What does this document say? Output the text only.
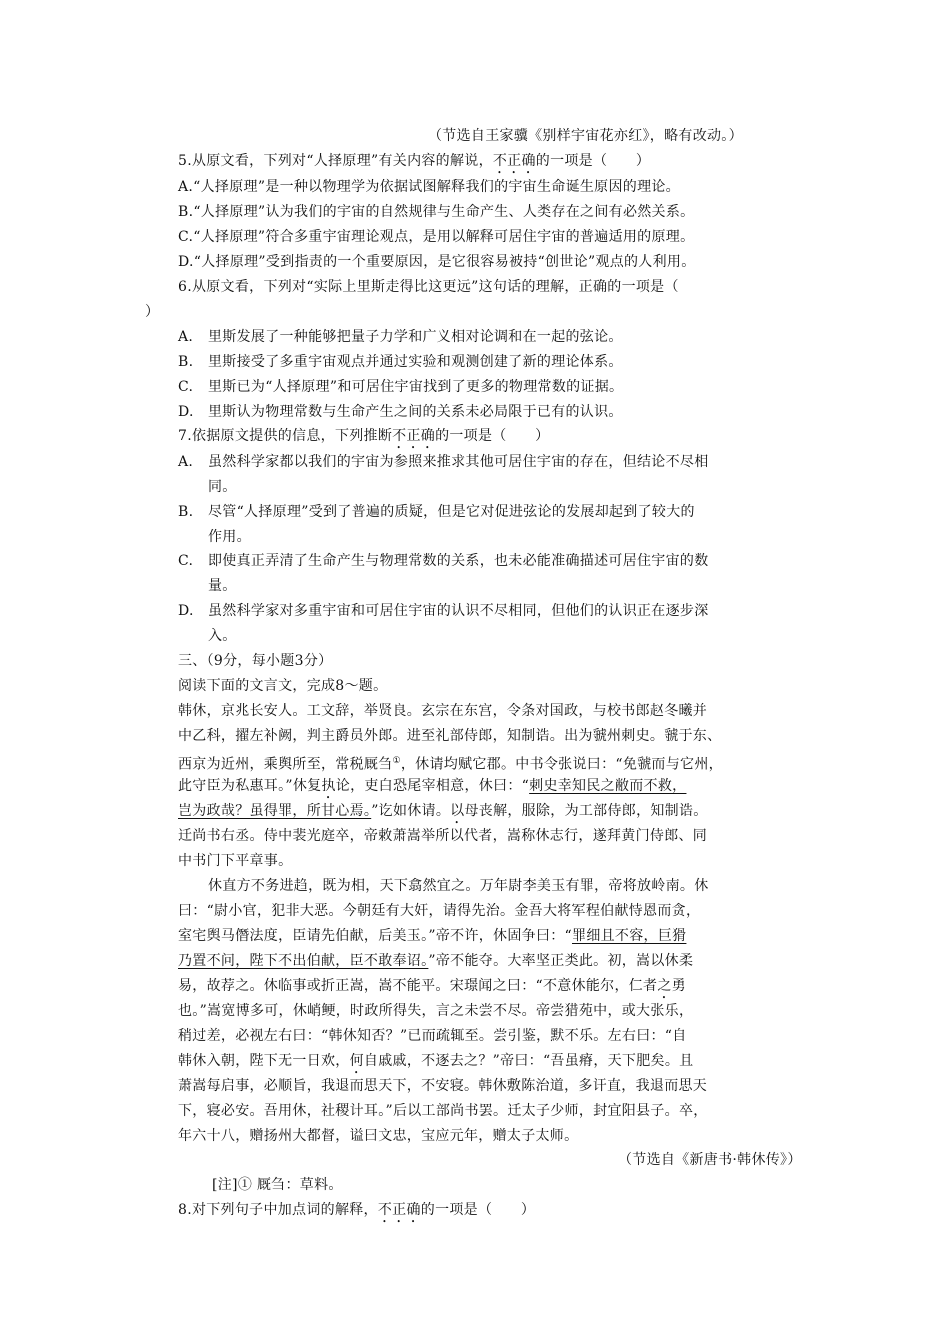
（节选自王家骥《别样宇宙花亦红》，略有改动。）
5.从原文看，下列对“人择原理”有关内容的解说，不正确的一项是（　　）
A.“人择原理”是一种以物理学为依据试图解释我们的宇宙生命诞生原因的理论。
B.“人择原理”认为我们的宇宙的自然规律与生命产生、人类存在之间有必然关系。
C.“人择原理”符合多重宇宙理论观点，是用以解释可居住宇宙的普遍适用的原理。
D.“人择原理”受到指责的一个重要原因，是它很容易被持“创世论”观点的人利用。
6.从原文看，下列对“实际上里斯走得比这更远”这句话的理解，正确的一项是（
）
A. 里斯发展了一种能够把量子力学和广义相对论调和在一起的弦论。
B. 里斯接受了多重宇宙观点并通过实验和观测创建了新的理论体系。
C. 里斯已为“人择原理”和可居住宇宙找到了更多的物理常数的证据。
D. 里斯认为物理常数与生命产生之间的关系未必局限于已有的认识。
7.依据原文提供的信息，下列推断不正确的一项是（　　）
A. 虽然科学家都以我们的宇宙为参照来推求其他可居住宇宙的存在，但结论不尽相
同。
B. 尽管“人择原理”受到了普遍的质疑，但是它对促进弦论的发展却起到了较大的
作用。
C. 即使真正弄清了生命产生与物理常数的关系，也未必能准确描述可居住宇宙的数
量。
D. 虽然科学家对多重宇宙和可居住宇宙的认识不尽相同，但他们的认识正在逐步深
入。
三、（9分，每小题3分）
阅读下面的文言文，完成8～题。
韩休，京兆长安人。工文辞，举贤良。玄宗在东宫，令条对国政，与校书郎赵冬曦并
中乙科，擢左补阙，判主爵员外郎。进至礼部侍郎，知制诰。出为虢州刺史。虢于东、
西京为近州，乘舆所至，常税厩刍①，休请均赋它郡。中书令张说曰：“免虢而与它州，
此守臣为私惠耳。”休复执论，吏白恐尾宰相意，休曰：“刺史幸知民之敝而不救，
岂为政哉？虽得罪，所甘心焉。”讫如休请。以母丧解，服除，为工部侍郎，知制诰。
迁尚书右丞。侍中裴光庭卒，帝敕萧嵩举所以代者，嵩称休志行，遂拜黄门侍郎、同
中书门下平章事。
休直方不务进趋，既为相，天下翕然宜之。万年尉李美玉有罪，帝将放岭南。休
曰：“尉小官，犯非大恶。今朝廷有大奸，请得先治。金吾大将军程伯献恃恩而贪，
室宅舆马僭法度，臣请先伯献，后美玉。”帝不许，休固争曰：“罪细且不容，巨猾
乃置不问，陛下不出伯献，臣不敢奉诏。”帝不能夺。大率坚正类此。初，嵩以休柔
易，故荐之。休临事或折正嵩，嵩不能平。宋璟闻之曰：“不意休能尔，仁者之勇
也。”嵩宽博多可，休峭鲠，时政所得失，言之未尝不尽。帝尝猎苑中，或大张乐，
稍过差，必视左右曰：“韩休知否？”已而疏辄至。尝引鉴，默不乐。左右曰：“自
韩休入朝，陛下无一日欢，何自戚戚，不逐去之？”帝曰：“吾虽瘠，天下肥矣。且
萧嵩每启事，必顺旨，我退而思天下，不安寝。韩休敷陈治道，多讦直，我退而思天
下，寝必安。吾用休，社稷计耳。”后以工部尚书罢。迁太子少师，封宜阳县子。卒，
年六十八，赠扬州大都督，谥曰文忠，宝应元年，赠太子太师。
（节选自《新唐书·韩休传》）
[注]① 厩刍：草料。
8.对下列句子中加点词的解释，不正确的一项是（　　）
